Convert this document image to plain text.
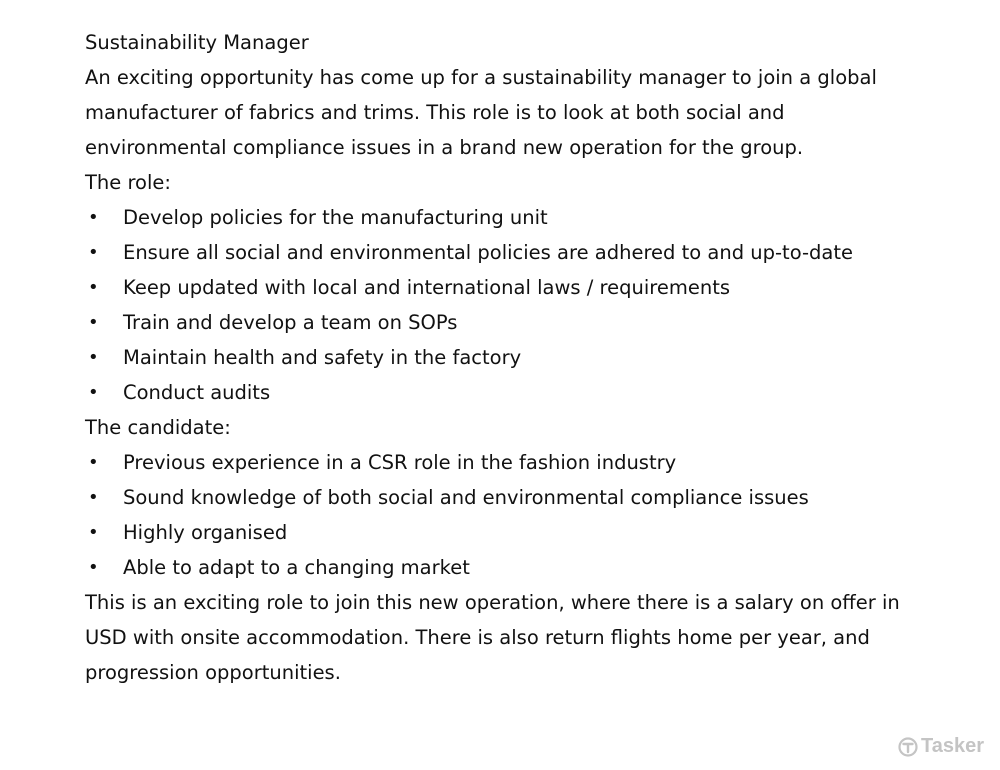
Sustainability Manager

An exciting opportunity has come up for a sustainability manager to join a global

manufacturer of fabrics and trims. This role is to look at both social and

environmental compliance issues in a brand new operation for the group.

The role:

• Develop policies for the manufacturing unit
• Ensure all social and environmental policies are adhered to and up-to-date
• Keep updated with local and international laws / requirements
• Train and develop a team on SOPs
• Maintain health and safety in the factory
• Conduct audits

The candidate:

• Previous experience in a CSR role in the fashion industry
• Sound knowledge of both social and environmental compliance issues
• Highly organised
• Able to adapt to a changing market

This is an exciting role to join this new operation, where there is a salary on offer in

USD with onsite accommodation. There is also return flights home per year, and

progression opportunities.

Tasker
